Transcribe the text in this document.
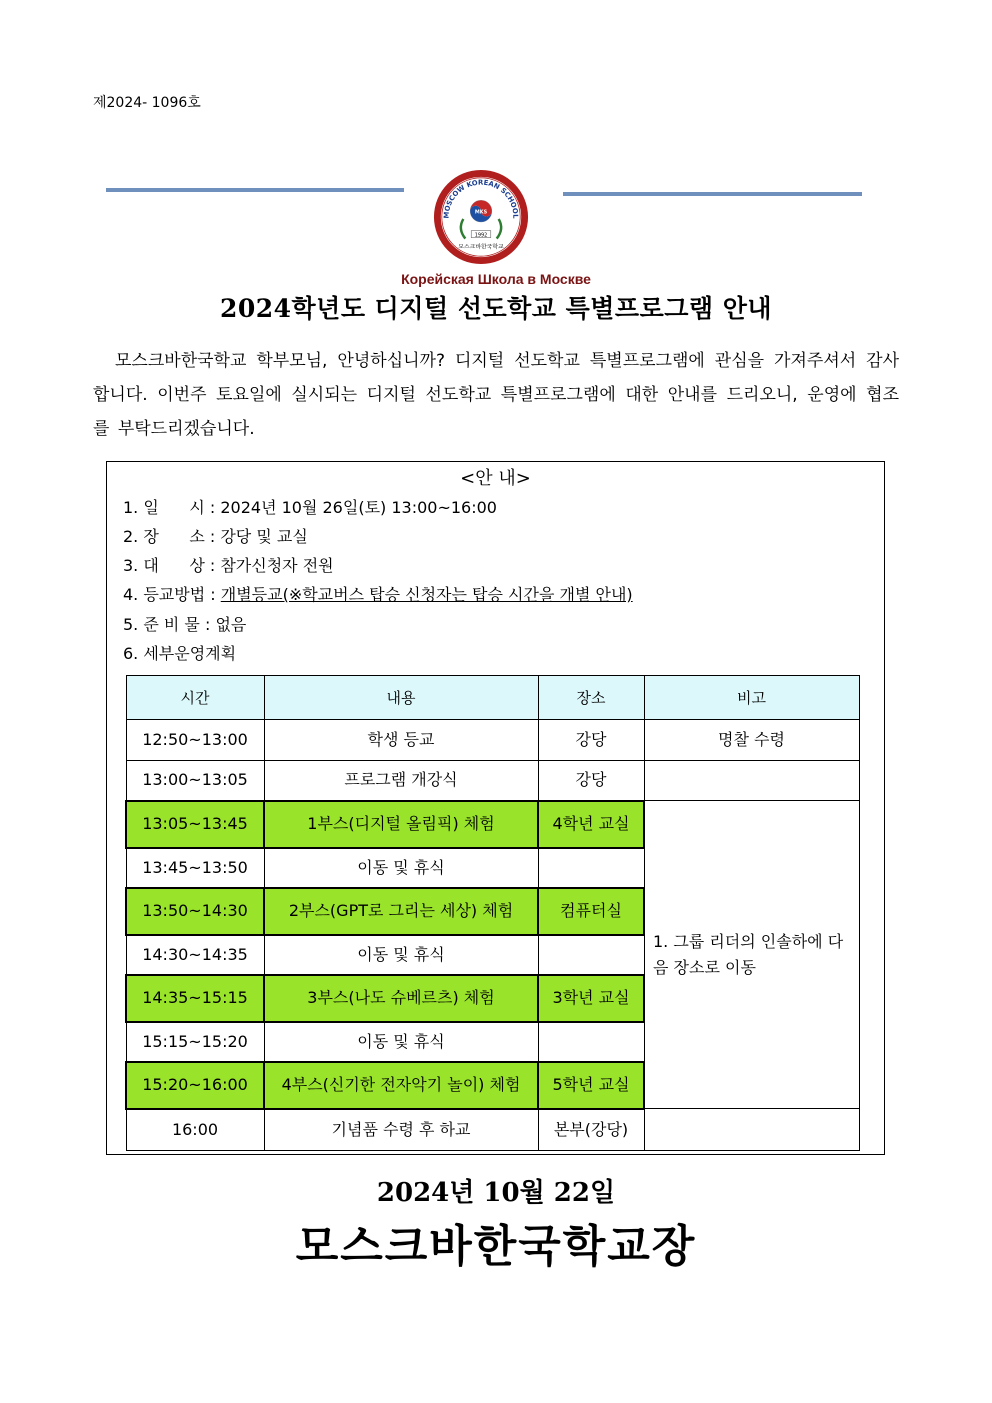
제2024- 1096호
MOSCOW KOREAN SCHOOL
MKS
1992
모스크바한국학교
Корейская Школа в Москве
2024학년도 디지털 선도학교 특별프로그램 안내

모스크바한국학교 학부모님, 안녕하십니까? 디지털 선도학교 특별프로그램에 관심을 가져주셔서 감사합니다. 이번주 토요일에 실시되는 디지털 선도학교 특별프로그램에 대한 안내를 드리오니, 운영에 협조를 부탁드리겠습니다.

<안 내>
1. 일      시 : 2024년 10월 26일(토) 13:00~16:00
2. 장      소 : 강당 및 교실
3. 대      상 : 참가신청자 전원
4. 등교방법 : 개별등교(※학교버스 탑승 신청자는 탑승 시간을 개별 안내)
5. 준 비 물 : 없음
6. 세부운영계획
시간	내용	장소	비고
12:50~13:00	학생 등교	강당	명찰 수령
13:00~13:05	프로그램 개강식	강당	
13:05~13:45	1부스(디지털 올림픽) 체험	4학년 교실	1. 그룹 리더의 인솔하에 다음 장소로 이동
13:45~13:50	이동 및 휴식		
13:50~14:30	2부스(GPT로 그리는 세상) 체험	컴퓨터실	
14:30~14:35	이동 및 휴식		
14:35~15:15	3부스(나도 슈베르츠) 체험	3학년 교실	
15:15~15:20	이동 및 휴식		
15:20~16:00	4부스(신기한 전자악기 놀이) 체험	5학년 교실	
16:00	기념품 수령 후 하교	본부(강당)	
2024년 10월 22일
모스크바한국학교장
